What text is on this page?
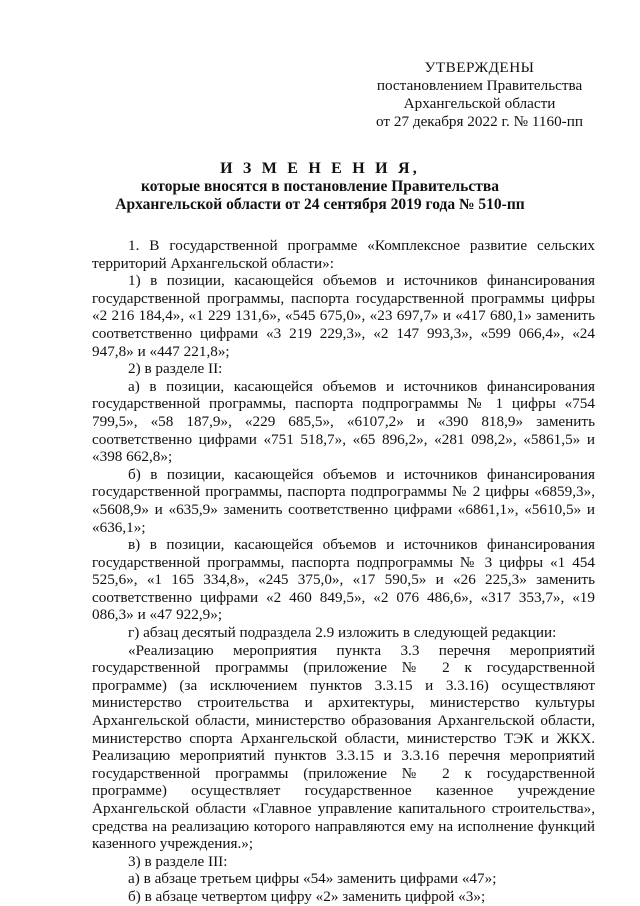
УТВЕРЖДЕНЫ
постановлением Правительства
Архангельской области
от 27 декабря 2022 г. № 1160-пп
И З М Е Н Е Н И Я,
которые вносятся в постановление Правительства
Архангельской области от 24 сентября 2019 года № 510-пп

1. В государственной программе «Комплексное развитие сельских территорий Архангельской области»:

1) в позиции, касающейся объемов и источников финансирования государственной программы, паспорта государственной программы цифры «2 216 184,4», «1 229 131,6», «545 675,0», «23 697,7» и «417 680,1» заменить соответственно цифрами «3 219 229,3», «2 147 993,3», «599 066,4», «24 947,8» и «447 221,8»;

2) в разделе II:

а) в позиции, касающейся объемов и источников финансирования государственной программы, паспорта подпрограммы № 1 цифры «754 799,5», «58 187,9», «229 685,5», «6107,2» и «390 818,9» заменить соответственно цифрами «751 518,7», «65 896,2», «281 098,2», «5861,5» и «398 662,8»;

б) в позиции, касающейся объемов и источников финансирования государственной программы, паспорта подпрограммы № 2 цифры «6859,3», «5608,9» и «635,9» заменить соответственно цифрами «6861,1», «5610,5» и «636,1»;

в) в позиции, касающейся объемов и источников финансирования государственной программы, паспорта подпрограммы № 3 цифры «1 454 525,6», «1 165 334,8», «245 375,0», «17 590,5» и «26 225,3» заменить соответственно цифрами «2 460 849,5», «2 076 486,6», «317 353,7», «19 086,3» и «47 922,9»;

г) абзац десятый подраздела 2.9 изложить в следующей редакции:

«Реализацию мероприятия пункта 3.3 перечня мероприятий государственной программы (приложение № 2 к государственной программе) (за исключением пунктов 3.3.15 и 3.3.16) осуществляют министерство строительства и архитектуры, министерство культуры Архангельской области, министерство образования Архангельской области, министерство спорта Архангельской области, министерство ТЭК и ЖКХ. Реализацию мероприятий пунктов 3.3.15 и 3.3.16 перечня мероприятий государственной программы (приложение № 2 к государственной программе) осуществляет государственное казенное учреждение Архангельской области «Главное управление капитального строительства», средства на реализацию которого направляются ему на исполнение функций казенного учреждения.»;

3) в разделе III:

а) в абзаце третьем цифры «54» заменить цифрами «47»;

б) в абзаце четвертом цифру «2» заменить цифрой «3»;
